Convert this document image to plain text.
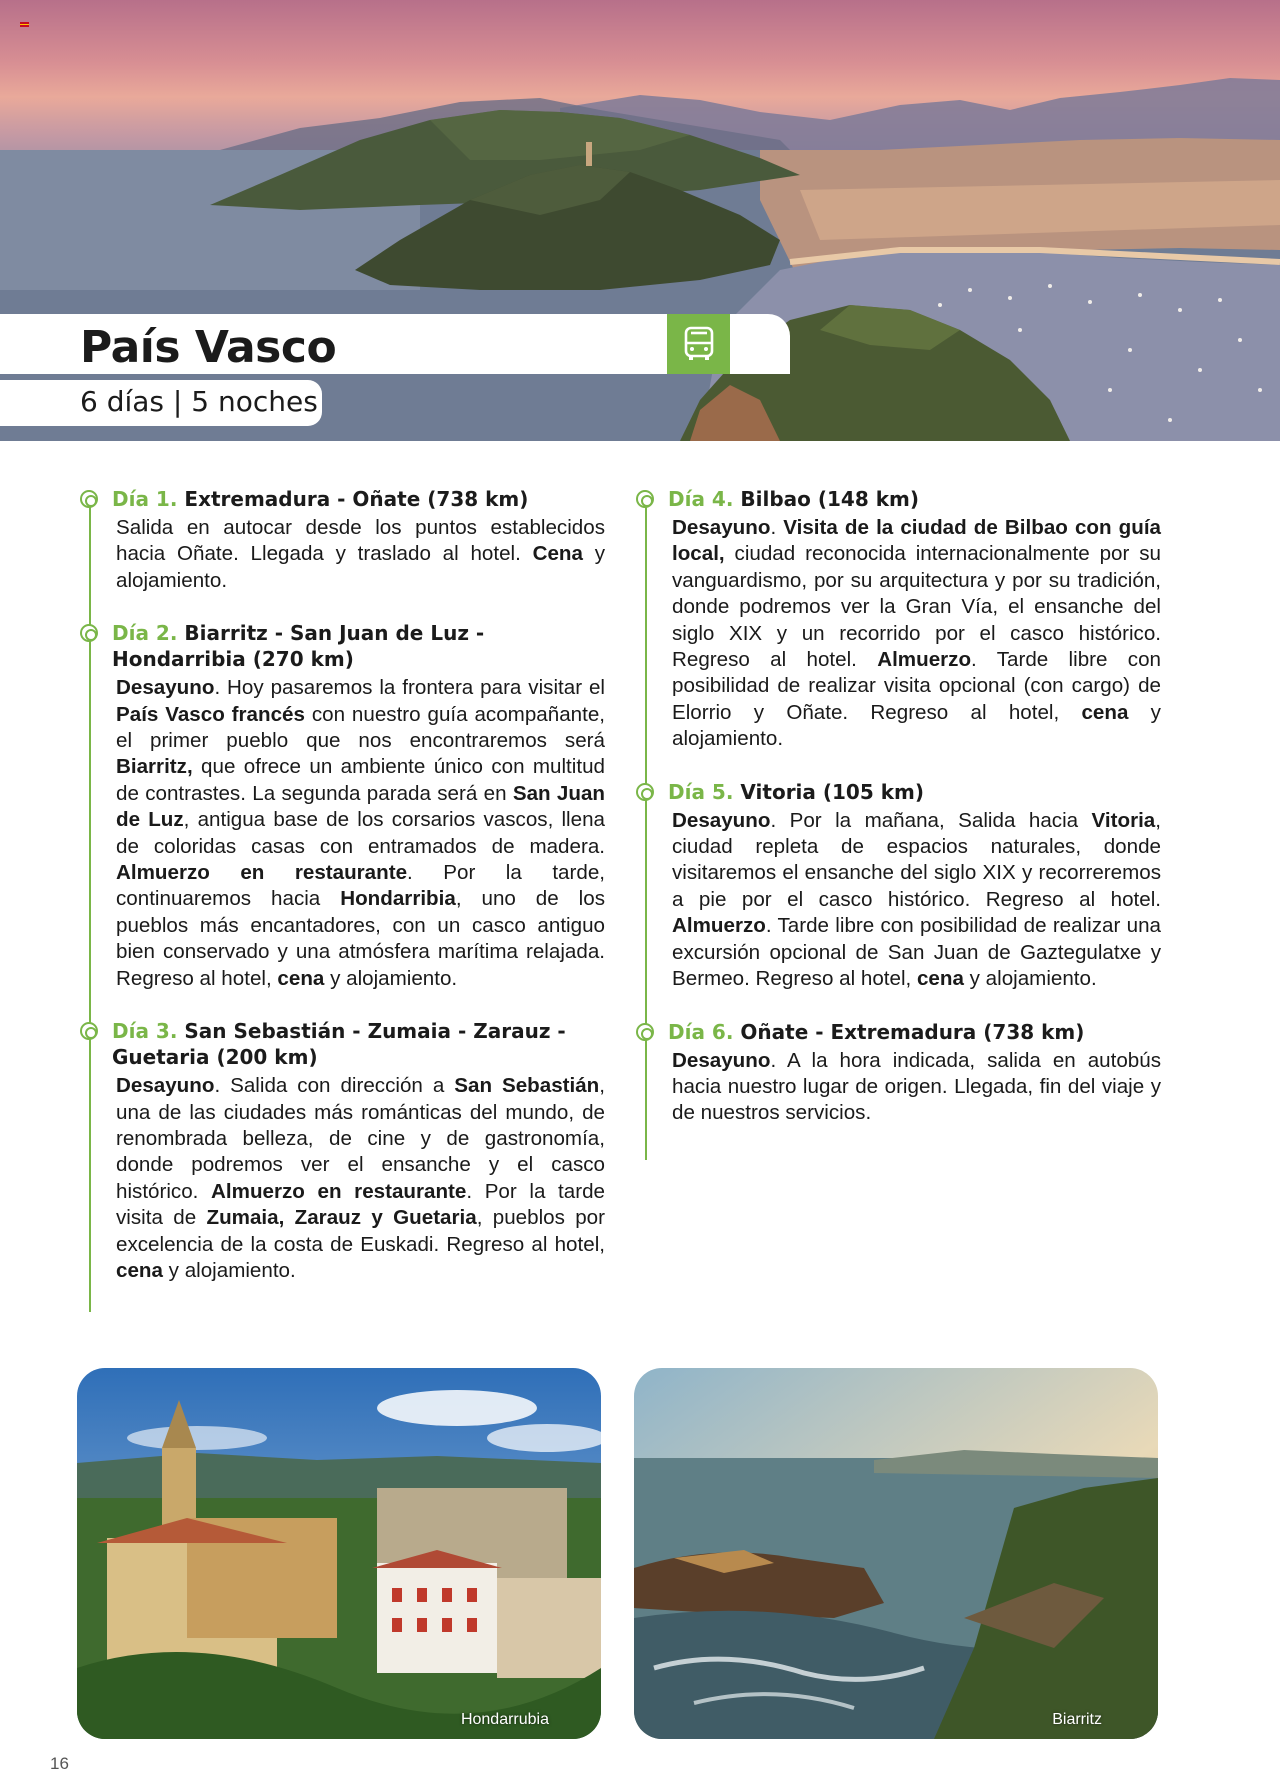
País Vasco
6 días | 5 noches
Día 1. Extremadura - Oñate (738 km)

Salida en autocar desde los puntos establecidos hacia Oñate. Llegada y traslado al hotel. Cena y alojamiento.

Día 2. Biarritz - San Juan de Luz - Hondarribia (270 km)

Desayuno. Hoy pasaremos la frontera para visitar el País Vasco francés con nuestro guía acompañante, el primer pueblo que nos encontraremos será Biarritz, que ofrece un ambiente único con multitud de contrastes. La segunda parada será en San Juan de Luz, antigua base de los corsarios vascos, llena de coloridas casas con entramados de madera. Almuerzo en restaurante. Por la tarde, continuaremos hacia Hondarribia, uno de los pueblos más encantadores, con un casco antiguo bien conservado y una atmósfera marítima relajada. Regreso al hotel, cena y alojamiento.

Día 3. San Sebastián - Zumaia - Zarauz - Guetaria (200 km)

Desayuno. Salida con dirección a San Sebastián, una de las ciudades más románticas del mundo, de renombrada belleza, de cine y de gastronomía, donde podremos ver el ensanche y el casco histórico. Almuerzo en restaurante. Por la tarde visita de Zumaia, Zarauz y Guetaria, pueblos por excelencia de la costa de Euskadi. Regreso al hotel, cena y alojamiento.

Día 4. Bilbao (148 km)

Desayuno. Visita de la ciudad de Bilbao con guía local, ciudad reconocida internacionalmente por su vanguardismo, por su arquitectura y por su tradición, donde podremos ver la Gran Vía, el ensanche del siglo XIX y un recorrido por el casco histórico. Regreso al hotel. Almuerzo. Tarde libre con posibilidad de realizar visita opcional (con cargo) de Elorrio y Oñate. Regreso al hotel, cena y alojamiento.

Día 5. Vitoria (105 km)

Desayuno. Por la mañana, Salida hacia Vitoria, ciudad repleta de espacios naturales, donde visitaremos el ensanche del siglo XIX y recorreremos a pie por el casco histórico. Regreso al hotel. Almuerzo. Tarde libre con posibilidad de realizar una excursión opcional de San Juan de Gaztegulatxe y Bermeo. Regreso al hotel, cena y alojamiento.

Día 6. Oñate - Extremadura (738 km)

Desayuno. A la hora indicada, salida en autobús hacia nuestro lugar de origen. Llegada, fin del viaje y de nuestros servicios.

Hondarrubia	Biarritz
16
